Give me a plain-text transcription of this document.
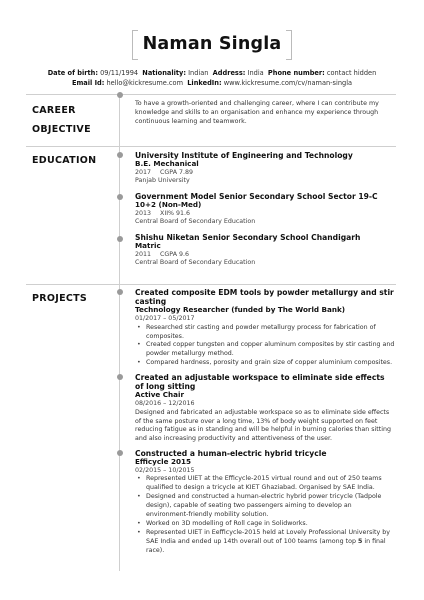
Naman Singla
Date of birth: 09/11/1994 Nationality: Indian Address: India Phone number: contact hidden
Email Id: hello@kickresume.com LinkedIn: www.kickresume.com/cv/naman-singla
CAREER
OBJECTIVE
To have a growth-oriented and challenging career, where I can contribute my knowledge and skills to an organisation and enhance my experience through continuous learning and teamwork.
EDUCATION	University Institute of Engineering and Technology
B.E. Mechanical
2017 CGPA 7.89
Panjab University
Government Model Senior Secondary School Sector 19-C
10+2 (Non-Med)
2013 XII% 91.6
Central Board of Secondary Education
Shishu Niketan Senior Secondary School Chandigarh
Matric
2011 CGPA 9.6
Central Board of Secondary Education
PROJECTS
Created composite EDM tools by powder metallurgy and stir casting
Technology Researcher (funded by The World Bank)
01/2017 – 05/2017
• Researched stir casting and powder metallurgy process for fabrication of composites.
• Created copper tungsten and copper aluminum composites by stir casting and powder metallurgy method.
• Compared hardness, porosity and grain size of copper aluminium composites.
Created an adjustable workspace to eliminate side effects of long sitting
Active Chair
08/2016 – 12/2016
Designed and fabricated an adjustable workspace so as to eliminate side effects of the same posture over a long time, 13% of body weight supported on feet reducing fatigue as in standing and will be helpful in burning calories than sitting and also increasing productivity and attentiveness of the user.
Constructed a human-electric hybrid tricycle
Efficycle 2015
02/2015 – 10/2015
• Represented UIET at the Efficycle-2015 virtual round and out of 250 teams qualified to design a tricycle at KIET Ghaziabad. Organised by SAE India.
• Designed and constructed a human-electric hybrid power tricycle (Tadpole design), capable of seating two passengers aiming to develop an environment-friendly mobility solution.
• Worked on 3D modelling of Roll cage in Solidworks.
• Represented UIET in Eefficycle-2015 held at Lovely Professional University by SAE India and ended up 14th overall out of 100 teams (among top 5 in final race).
